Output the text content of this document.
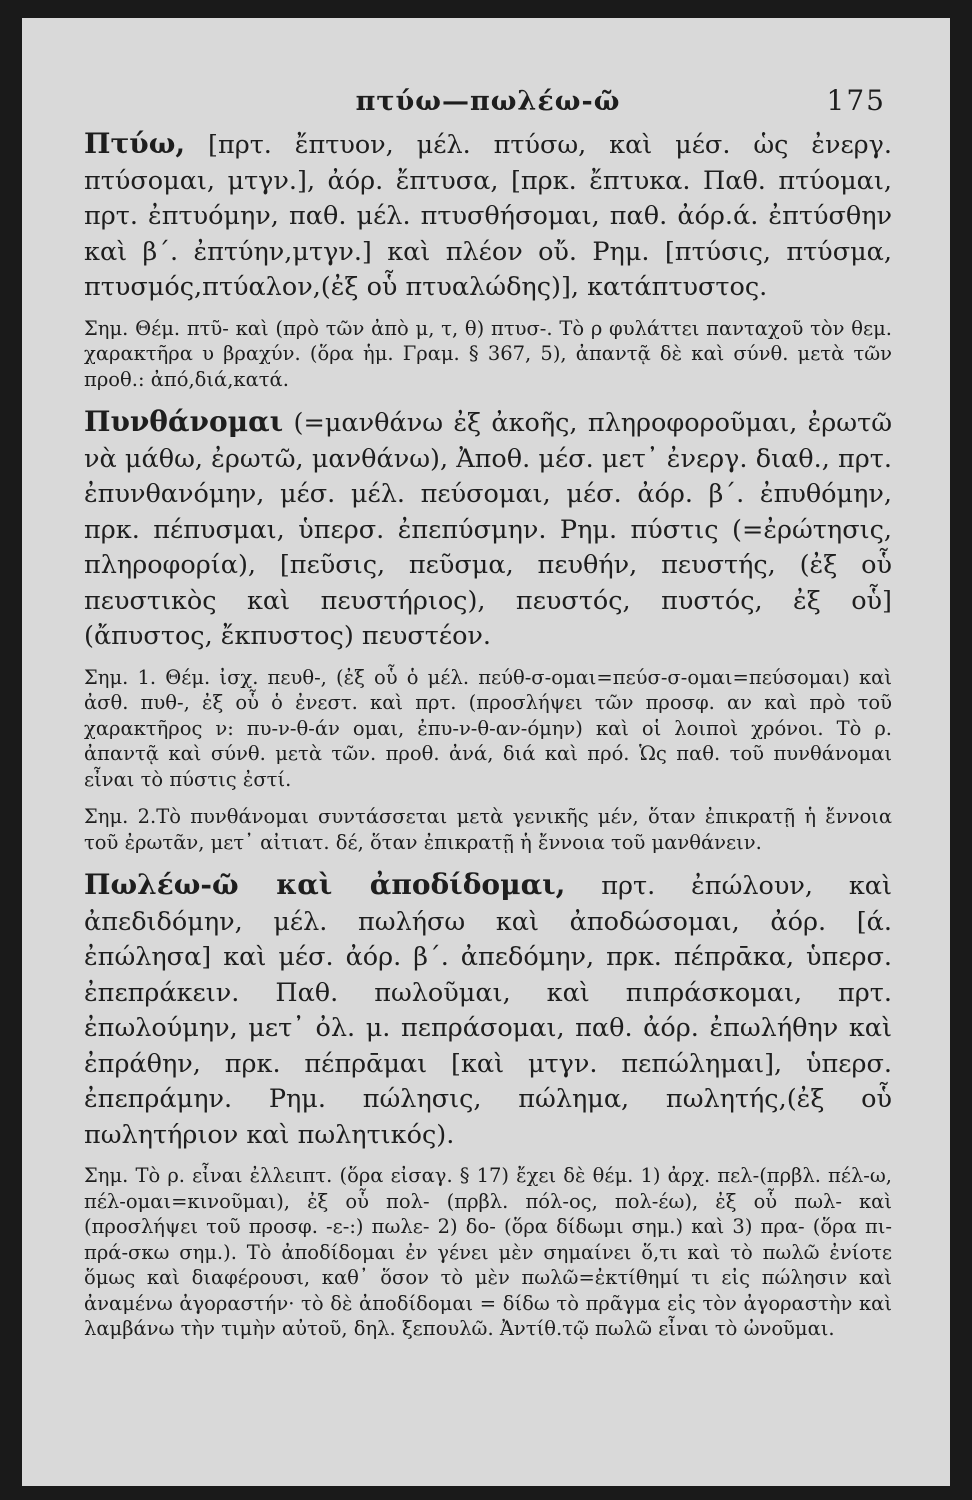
πτύω—πωλέω-ῶ	175

Πτύω, [πρτ. ἔπτυον, μέλ. πτύσω, καὶ μέσ. ὡς ἐνεργ. πτύσομαι, μτγν.], ἀόρ. ἔπτυσα, [πρκ. ἔπτυκα. Παθ. πτύομαι, πρτ. ἐπτυόμην, παθ. μέλ. πτυσθήσομαι, παθ. ἀόρ.ά. ἐπτύσθην καὶ β΄. ἐπτύην,μτγν.] καὶ πλέον οὔ. Ρημ. [πτύσις, πτύσμα, πτυσμός,πτύαλον,(ἐξ οὗ πτυαλώδης)], κατάπτυστος.

Σημ. Θέμ. πτῦ- καὶ (πρὸ τῶν ἀπὸ μ, τ, θ) πτυσ-. Τὸ ρ φυλάττει πανταχοῦ τὸν θεμ. χαρακτῆρα υ βραχύν. (ὅρα ἡμ. Γραμ. § 367, 5), ἀπαντᾷ δὲ καὶ σύνθ. μετὰ τῶν προθ.: ἀπό,διά,κατά.

Πυνθάνομαι (=μανθάνω ἐξ ἀκοῆς, πληροφοροῦμαι, ἐρωτῶ νὰ μάθω, ἐρωτῶ, μανθάνω), Ἀποθ. μέσ. μετ᾽ ἐνεργ. διαθ., πρτ. ἐπυνθανόμην, μέσ. μέλ. πεύσομαι, μέσ. ἀόρ. β΄. ἐπυθόμην, πρκ. πέπυσμαι, ὑπερσ. ἐπεπύσμην. Ρημ. πύστις (=ἐρώτησις, πληροφορία), [πεῦσις, πεῦσμα, πευθήν, πευστής, (ἐξ οὗ πευστικὸς καὶ πευστήριος), πευστός, πυστός, ἐξ οὗ] (ἄπυστος, ἔκπυστος) πευστέον.

Σημ. 1. Θέμ. ἰσχ. πευθ-, (ἐξ οὗ ὁ μέλ. πεύθ-σ-ομαι=πεύσ-σ-ομαι=πεύσομαι) καὶ ἀσθ. πυθ-, ἐξ οὗ ὁ ἐνεστ. καὶ πρτ. (προσλήψει τῶν προσφ. αν καὶ πρὸ τοῦ χαρακτῆρος ν: πυ-ν-θ-άν ομαι, ἐπυ-ν-θ-αν-όμην) καὶ οἱ λοιποὶ χρόνοι. Τὸ ρ. ἀπαντᾷ καὶ σύνθ. μετὰ τῶν. προθ. ἀνά, διά καὶ πρό. Ὡς παθ. τοῦ πυνθάνομαι εἶναι τὸ πύστις ἐστί.

Σημ. 2.Τὸ πυνθάνομαι συντάσσεται μετὰ γενικῆς μέν, ὅταν ἐπικρατῇ ἡ ἔννοια τοῦ ἐρωτᾶν, μετ᾽ αἰτιατ. δέ, ὅταν ἐπικρατῇ ἡ ἔννοια τοῦ μανθάνειν.

Πωλέω-ῶ καὶ ἀποδίδομαι, πρτ. ἐπώλουν, καὶ ἀπεδιδόμην, μέλ. πωλήσω καὶ ἀποδώσομαι, ἀόρ. [ά. ἐπώλησα] καὶ μέσ. ἀόρ. β΄. ἀπεδόμην, πρκ. πέπρᾱκα, ὑπερσ. ἐπεπράκειν. Παθ. πωλοῦμαι, καὶ πιπράσκομαι, πρτ. ἐπωλούμην, μετ᾽ ὀλ. μ. πεπράσομαι, παθ. ἀόρ. ἐπωλήθην καὶ ἐπράθην, πρκ. πέπρᾱμαι [καὶ μτγν. πεπώλημαι], ὑπερσ. ἐπεπράμην. Ρημ. πώλησις, πώλημα, πωλητής,(ἐξ οὗ πωλητήριον καὶ πωλητικός).

Σημ. Τὸ ρ. εἶναι ἐλλειπτ. (ὅρα εἰσαγ. § 17) ἔχει δὲ θέμ. 1) ἀρχ. πελ-(πρβλ. πέλ-ω, πέλ-ομαι=κινοῦμαι), ἐξ οὗ πολ- (πρβλ. πόλ-ος, πολ-έω), ἐξ οὗ πωλ- καὶ (προσλήψει τοῦ προσφ. -ε-:) πωλε- 2) δο- (ὅρα δίδωμι σημ.) καὶ 3) πρα- (ὅρα πι-πρά-σκω σημ.). Τὸ ἀποδίδομαι ἐν γένει μὲν σημαίνει ὅ,τι καὶ τὸ πωλῶ ἐνίοτε ὅμως καὶ διαφέρουσι, καθ᾽ ὅσον τὸ μὲν πωλῶ=ἐκτίθημί τι εἰς πώλησιν καὶ ἀναμένω ἀγοραστήν· τὸ δὲ ἀποδίδομαι = δίδω τὸ πρᾶγμα εἰς τὸν ἀγοραστὴν καὶ λαμβάνω τὴν τιμὴν αὐτοῦ, δηλ. ξεπουλῶ. Ἀντίθ.τῷ πωλῶ εἶναι τὸ ὠνοῦμαι.
